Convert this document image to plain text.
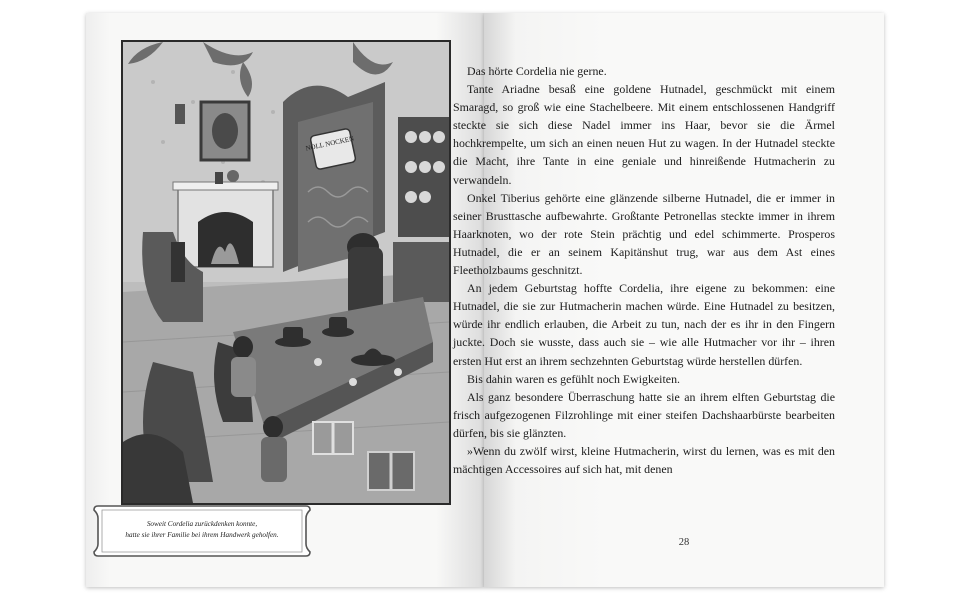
NOLL NOCKEN
Soweit Cordelia zurückdenken konnte,
hatte sie ihrer Familie bei ihrem Handwerk geholfen.

Das hörte Cordelia nie gerne.

Tante Ariadne besaß eine goldene Hutnadel, geschmückt mit einem Smaragd, so groß wie eine Stachelbeere. Mit einem entschlossenen Handgriff steckte sie sich diese Nadel immer ins Haar, bevor sie die Ärmel hochkrempelte, um sich an einen neuen Hut zu wagen. In der Hutnadel steckte die Macht, ihre Tante in eine geniale und hinreißende Hutmacherin zu verwandeln.

Onkel Tiberius gehörte eine glänzende silberne Hutnadel, die er immer in seiner Brusttasche aufbewahrte. Großtante Petronellas steckte immer in ihrem Haarknoten, wo der rote Stein prächtig und edel schimmerte. Prosperos Hutnadel, die er an seinem Kapitänshut trug, war aus dem Ast eines Fleetholzbaums geschnitzt.

An jedem Geburtstag hoffte Cordelia, ihre eigene zu bekommen: eine Hutnadel, die sie zur Hutmacherin machen würde. Eine Hutnadel zu besitzen, würde ihr endlich erlauben, die Arbeit zu tun, nach der es ihr in den Fingern juckte. Doch sie wusste, dass auch sie – wie alle Hutmacher vor ihr – ihren ersten Hut erst an ihrem sechzehnten Geburtstag würde herstellen dürfen.

Bis dahin waren es gefühlt noch Ewigkeiten.

Als ganz besondere Überraschung hatte sie an ihrem elften Geburtstag die frisch aufgezogenen Filzrohlinge mit einer steifen Dachshaarbürste bearbeiten dürfen, bis sie glänzten.

»Wenn du zwölf wirst, kleine Hutmacherin, wirst du lernen, was es mit den mächtigen Accessoires auf sich hat, mit denen

28
